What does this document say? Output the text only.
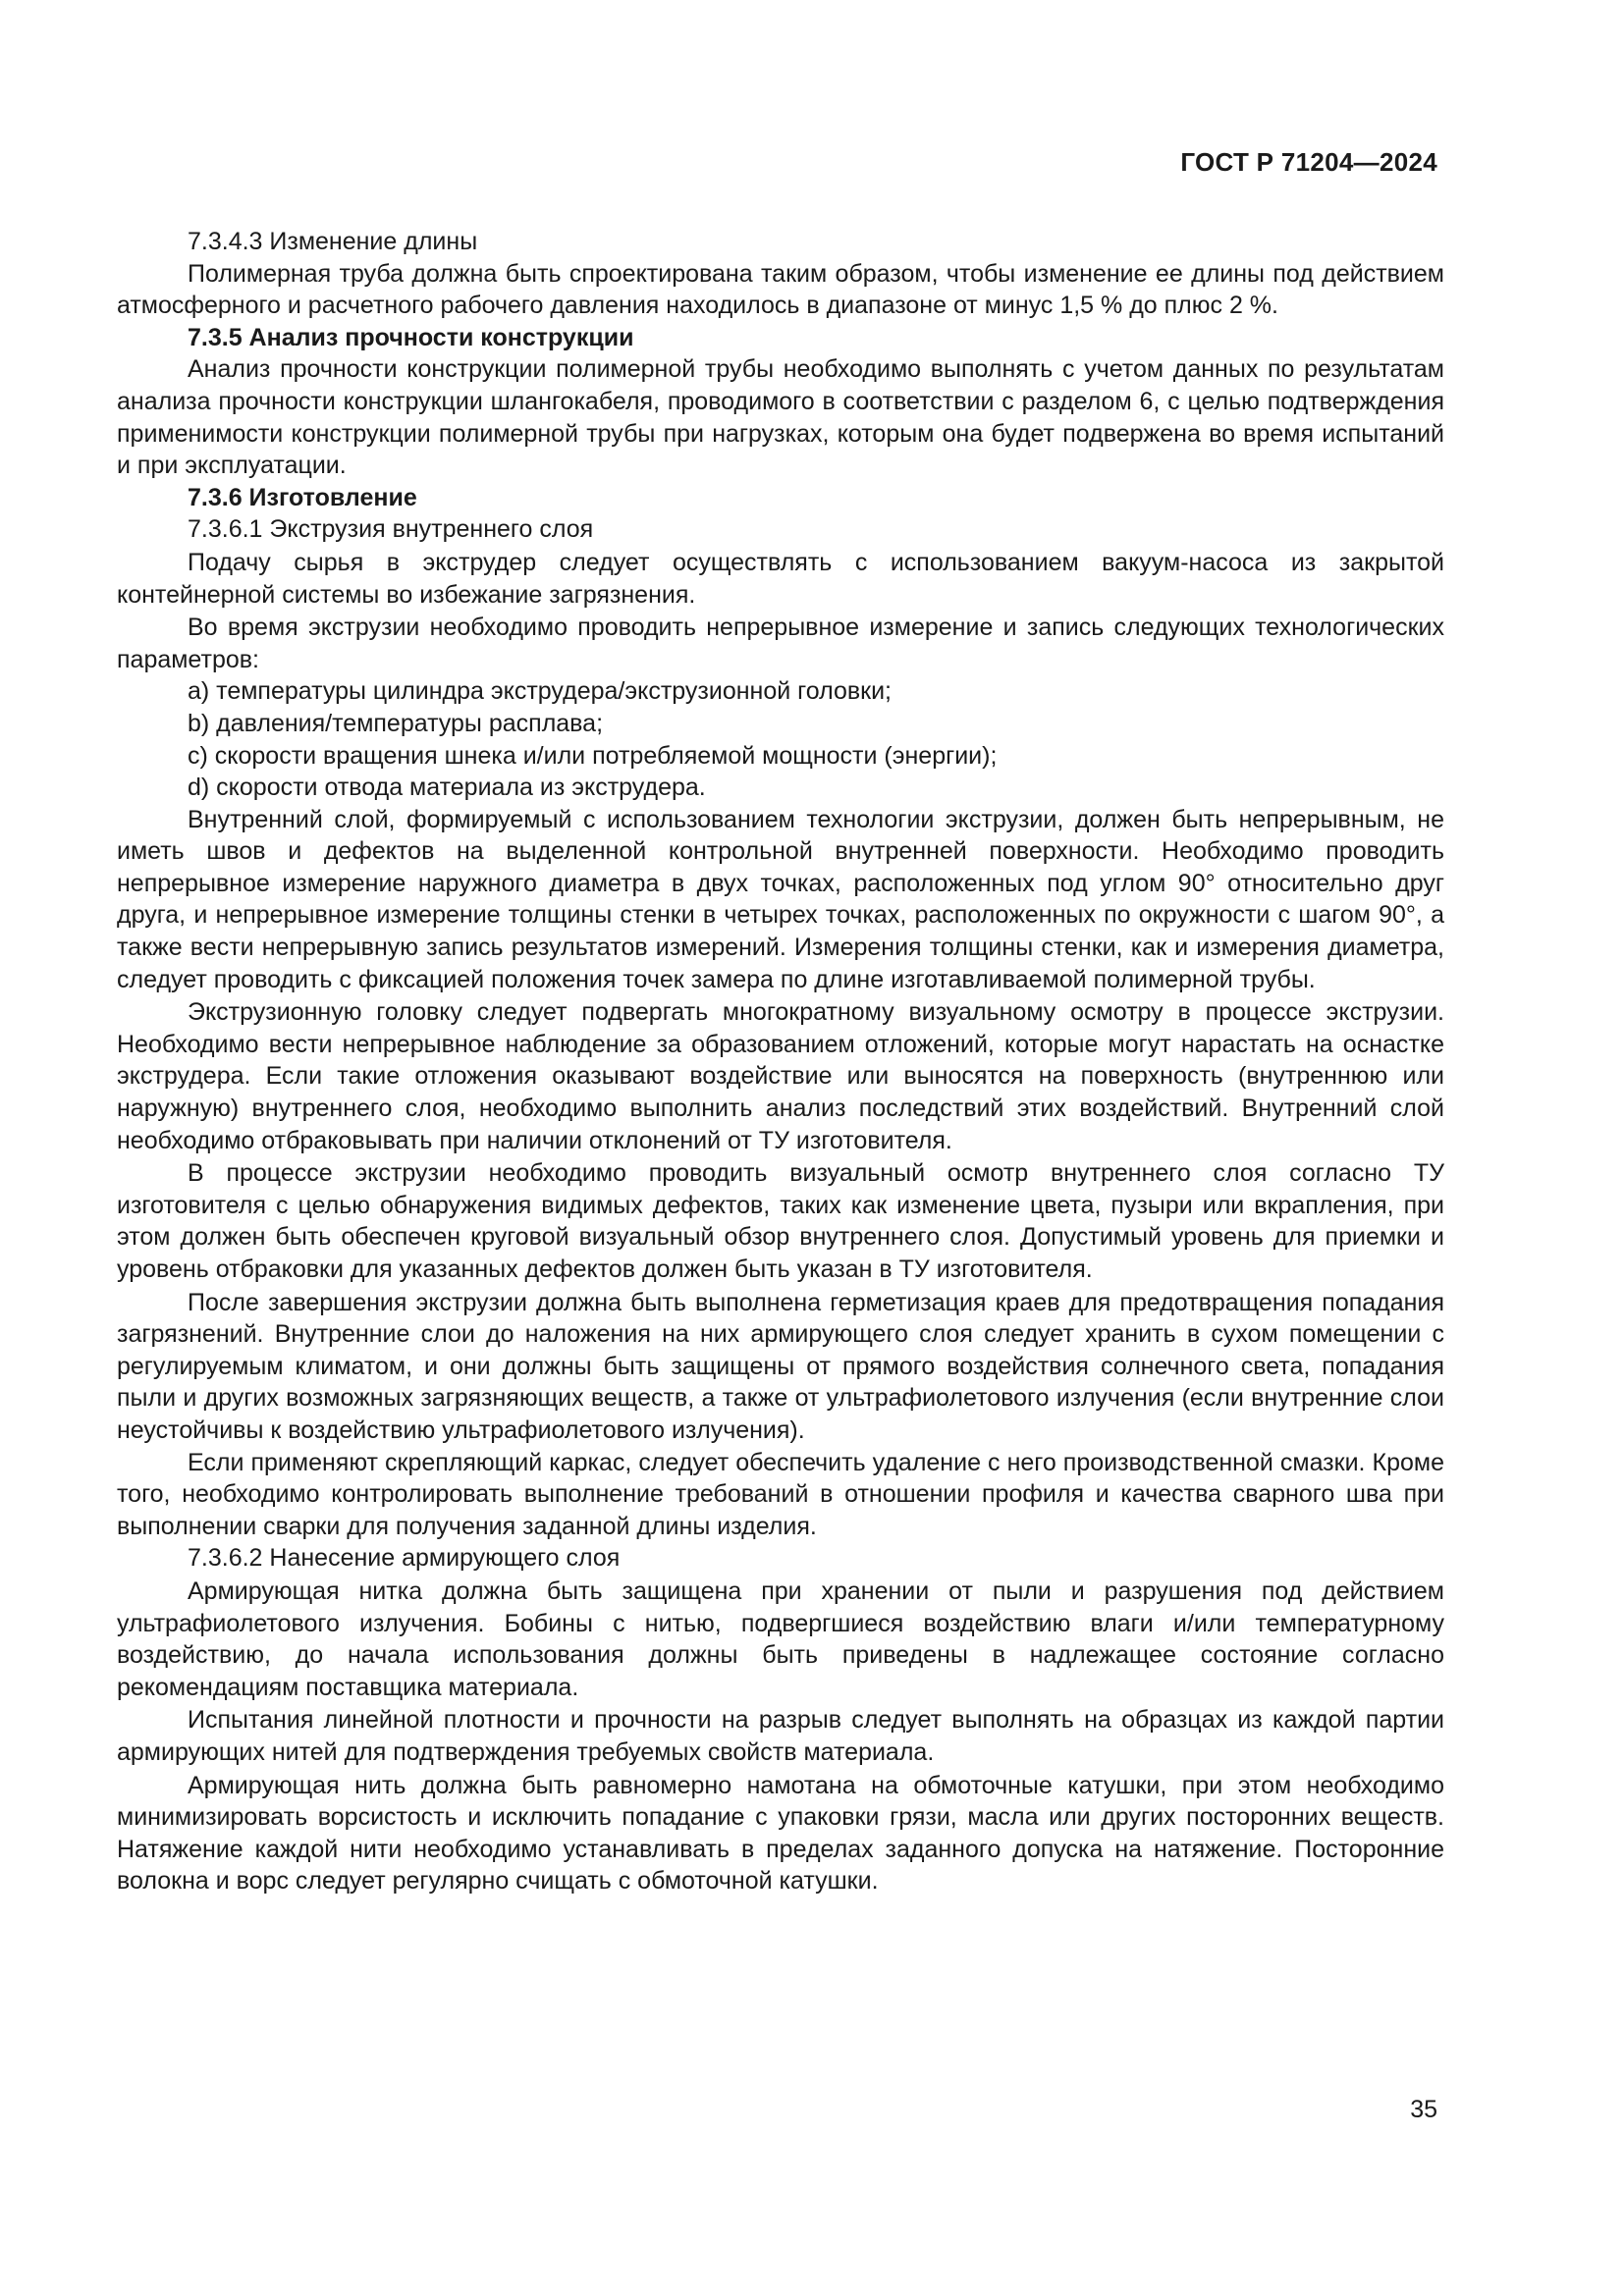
ГОСТ Р 71204—2024

7.3.4.3 Изменение длины

Полимерная труба должна быть спроектирована таким образом, чтобы изменение ее длины под действием атмосферного и расчетного рабочего давления находилось в диапазоне от минус 1,5 % до плюс 2 %.

7.3.5 Анализ прочности конструкции

Анализ прочности конструкции полимерной трубы необходимо выполнять с учетом данных по результатам анализа прочности конструкции шлангокабеля, проводимого в соответствии с разделом 6, с целью подтверждения применимости конструкции полимерной трубы при нагрузках, которым она будет подвержена во время испытаний и при эксплуатации.

7.3.6 Изготовление

7.3.6.1 Экструзия внутреннего слоя

Подачу сырья в экструдер следует осуществлять с использованием вакуум-насоса из закрытой контейнерной системы во избежание загрязнения.

Во время экструзии необходимо проводить непрерывное измерение и запись следующих технологических параметров:

а) температуры цилиндра экструдера/экструзионной головки;

b) давления/температуры расплава;

c) скорости вращения шнека и/или потребляемой мощности (энергии);

d) скорости отвода материала из экструдера.

Внутренний слой, формируемый с использованием технологии экструзии, должен быть непрерывным, не иметь швов и дефектов на выделенной контрольной внутренней поверхности. Необходимо проводить непрерывное измерение наружного диаметра в двух точках, расположенных под углом 90° относительно друг друга, и непрерывное измерение толщины стенки в четырех точках, расположенных по окружности с шагом 90°, а также вести непрерывную запись результатов измерений. Измерения толщины стенки, как и измерения диаметра, следует проводить с фиксацией положения точек замера по длине изготавливаемой полимерной трубы.

Экструзионную головку следует подвергать многократному визуальному осмотру в процессе экструзии. Необходимо вести непрерывное наблюдение за образованием отложений, которые могут нарастать на оснастке экструдера. Если такие отложения оказывают воздействие или выносятся на поверхность (внутреннюю или наружную) внутреннего слоя, необходимо выполнить анализ последствий этих воздействий. Внутренний слой необходимо отбраковывать при наличии отклонений от ТУ изготовителя.

В процессе экструзии необходимо проводить визуальный осмотр внутреннего слоя согласно ТУ изготовителя с целью обнаружения видимых дефектов, таких как изменение цвета, пузыри или вкрапления, при этом должен быть обеспечен круговой визуальный обзор внутреннего слоя. Допустимый уровень для приемки и уровень отбраковки для указанных дефектов должен быть указан в ТУ изготовителя.

После завершения экструзии должна быть выполнена герметизация краев для предотвращения попадания загрязнений. Внутренние слои до наложения на них армирующего слоя следует хранить в сухом помещении с регулируемым климатом, и они должны быть защищены от прямого воздействия солнечного света, попадания пыли и других возможных загрязняющих веществ, а также от ультрафиолетового излучения (если внутренние слои неустойчивы к воздействию ультрафиолетового излучения).

Если применяют скрепляющий каркас, следует обеспечить удаление с него производственной смазки. Кроме того, необходимо контролировать выполнение требований в отношении профиля и качества сварного шва при выполнении сварки для получения заданной длины изделия.

7.3.6.2 Нанесение армирующего слоя

Армирующая нитка должна быть защищена при хранении от пыли и разрушения под действием ультрафиолетового излучения. Бобины с нитью, подвергшиеся воздействию влаги и/или температурному воздействию, до начала использования должны быть приведены в надлежащее состояние согласно рекомендациям поставщика материала.

Испытания линейной плотности и прочности на разрыв следует выполнять на образцах из каждой партии армирующих нитей для подтверждения требуемых свойств материала.

Армирующая нить должна быть равномерно намотана на обмоточные катушки, при этом необходимо минимизировать ворсистость и исключить попадание с упаковки грязи, масла или других посторонних веществ. Натяжение каждой нити необходимо устанавливать в пределах заданного допуска на натяжение. Посторонние волокна и ворс следует регулярно счищать с обмоточной катушки.

35
